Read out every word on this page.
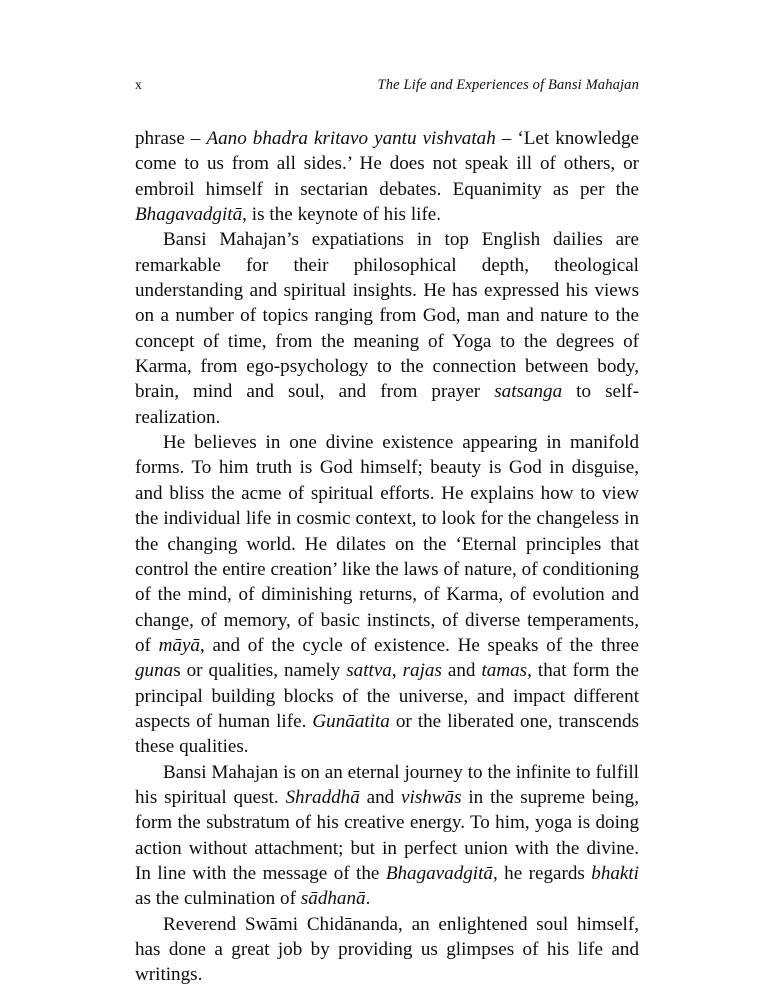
x	The Life and Experiences of Bansi Mahajan

phrase – Aano bhadra kritavo yantu vishvatah – ‘Let knowledge come to us from all sides.’ He does not speak ill of others, or embroil himself in sectarian debates. Equanimity as per the Bhagavadgitā, is the keynote of his life.

Bansi Mahajan’s expatiations in top English dailies are remarkable for their philosophical depth, theological understanding and spiritual insights. He has expressed his views on a number of topics ranging from God, man and nature to the concept of time, from the meaning of Yoga to the degrees of Karma, from ego-psychology to the connection between body, brain, mind and soul, and from prayer satsanga to self-realization.

He believes in one divine existence appearing in manifold forms. To him truth is God himself; beauty is God in disguise, and bliss the acme of spiritual efforts. He explains how to view the individual life in cosmic context, to look for the changeless in the changing world. He dilates on the ‘Eternal principles that control the entire creation’ like the laws of nature, of conditioning of the mind, of diminishing returns, of Karma, of evolution and change, of memory, of basic instincts, of diverse temperaments, of māyā, and of the cycle of existence. He speaks of the three gunas or qualities, namely sattva, rajas and tamas, that form the principal building blocks of the universe, and impact different aspects of human life. Gunāatita or the liberated one, transcends these qualities.

Bansi Mahajan is on an eternal journey to the infinite to fulfill his spiritual quest. Shraddhā and vishwās in the supreme being, form the substratum of his creative energy. To him, yoga is doing action without attachment; but in perfect union with the divine. In line with the message of the Bhagavadgitā, he regards bhakti as the culmination of sādhanā.

Reverend Swāmi Chidānanda, an enlightened soul himself, has done a great job by providing us glimpses of his life and writings.
